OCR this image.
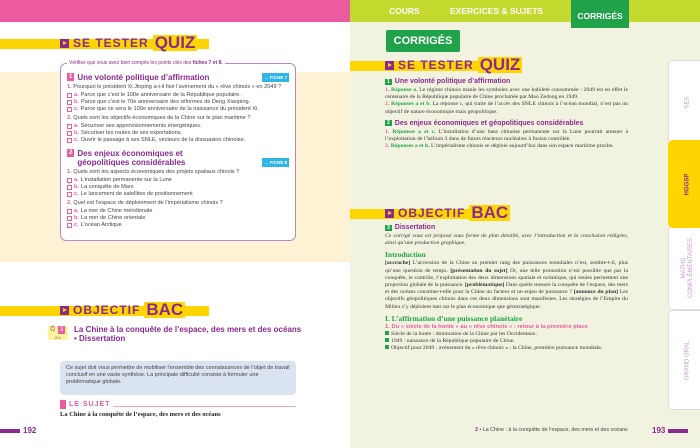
SE TESTER QUIZ
Vérifiez que vous avez bien compris les points clés des fiches 7 et 8.
1 Une volonté politique d’affirmation	→ FICHE 7
1. Pourquoi le président Xi Jinping a-t-il fixé l’avènement du « rêve chinois » en 2049 ?
a. Parce que c’est le 100e anniversaire de la République populaire.
b. Parce que c’est le 70e anniversaire des réformes de Deng Xiaoping.
c. Parce que ce sera le 100e anniversaire de la naissance du président Xi.
2. Quels sont les objectifs économiques de la Chine sur le plan maritime ?
a. Sécuriser ses approvisionnements énergétiques.
b. Sécuriser les routes de ses exportations.
c. Ouvrir le passage à ses SNLE, vecteurs de la dissuasion chinoise.
2 Des enjeux économiques et géopolitiques considérables	→ FICHE 8
1. Quels sont les aspects économiques des projets spatiaux chinois ?
a. L’installation permanente sur la Lune
b. La conquête de Mars
c. Le lancement de satellites de positionnement
2. Quel est l’espace de déploiement de l’impérialisme chinois ?
a. La mer de Chine méridionale
b. La mer de Chine orientale
c. L’océan Arctique
OBJECTIF BAC
⏱ 3
2 h
La Chine à la conquête de l’espace, des mers et des océans
• Dissertation
Ce sujet doit vous permettre de mobiliser l’ensemble des connaissances de l’objet de travail conclusif en une vaste synthèse. La principale difficulté consiste à formuler une problématique globale.
LE SUJET
La Chine à la conquête de l’espace, des mers et des océans
192
COURS	EXERCICES & SUJETS	CORRIGÉS
CORRIGÉS
SE TESTER QUIZ
1 Une volonté politique d’affirmation

1. Réponse a. Le régime chinois manie les symboles avec une habileté consommée : 2049 est en effet le centenaire de la République populaire de Chine proclamée par Mao Zedong en 1949.

2. Réponses a et b. La réponse c, qui traite de l’accès des SNLE chinois à l’océan mondial, n’est pas un objectif de nature économique mais géopolitique.

2 Des enjeux économiques et géopolitiques considérables

1. Réponses a et c. L’installation d’une base chinoise permanente sur la Lune pourrait amener à l’exploitation de l’hélium 3 dans de futurs réacteurs nucléaires à fusion contrôlée.

2. Réponses a et b. L’impérialisme chinois se déploie aujourd’hui dans son espace maritime proche.

OBJECTIF BAC
3 Dissertation

Ce corrigé vous est proposé sous forme de plan détaillé, avec l’introduction et la conclusion rédigées, ainsi qu’une production graphique.

Introduction

[accroche] L’accession de la Chine au premier rang des puissances mondiales n’est, semble-t-il, plus qu’une question de temps. [présentation du sujet] Or, une telle promotion n’est possible que par la conquête, le contrôle, l’exploitation des deux dimensions spatiale et océanique, qui seules permettent une projection globale de la puissance. [problématique] Dans quelle mesure la conquête de l’espace, des mers et des océans constitue-t-elle pour la Chine un facteur et un enjeu de puissance ? [annonce du plan] Les objectifs géopolitiques chinois dans ces deux dimensions sont manifestes. Les stratégies de l’Empire du Milieu s’y déploient tant sur le plan économique que géostratégique.

I. L’affirmation d’une puissance planétaire
1. Du « siècle de la honte » au « rêve chinois » : retour à la première place

Siècle de la honte : domination de la Chine par les Occidentaux.

1949 : naissance de la République populaire de Chine.

Objectif pour 2049 : avènement du « rêve chinois » : la Chine, première puissance mondiale.

2 • La Chine : à la conquête de l’espace, des mers et des océans	193
SES
MATHS COMPLÉMENTAIRES
GRAND ORAL
HGGSP
